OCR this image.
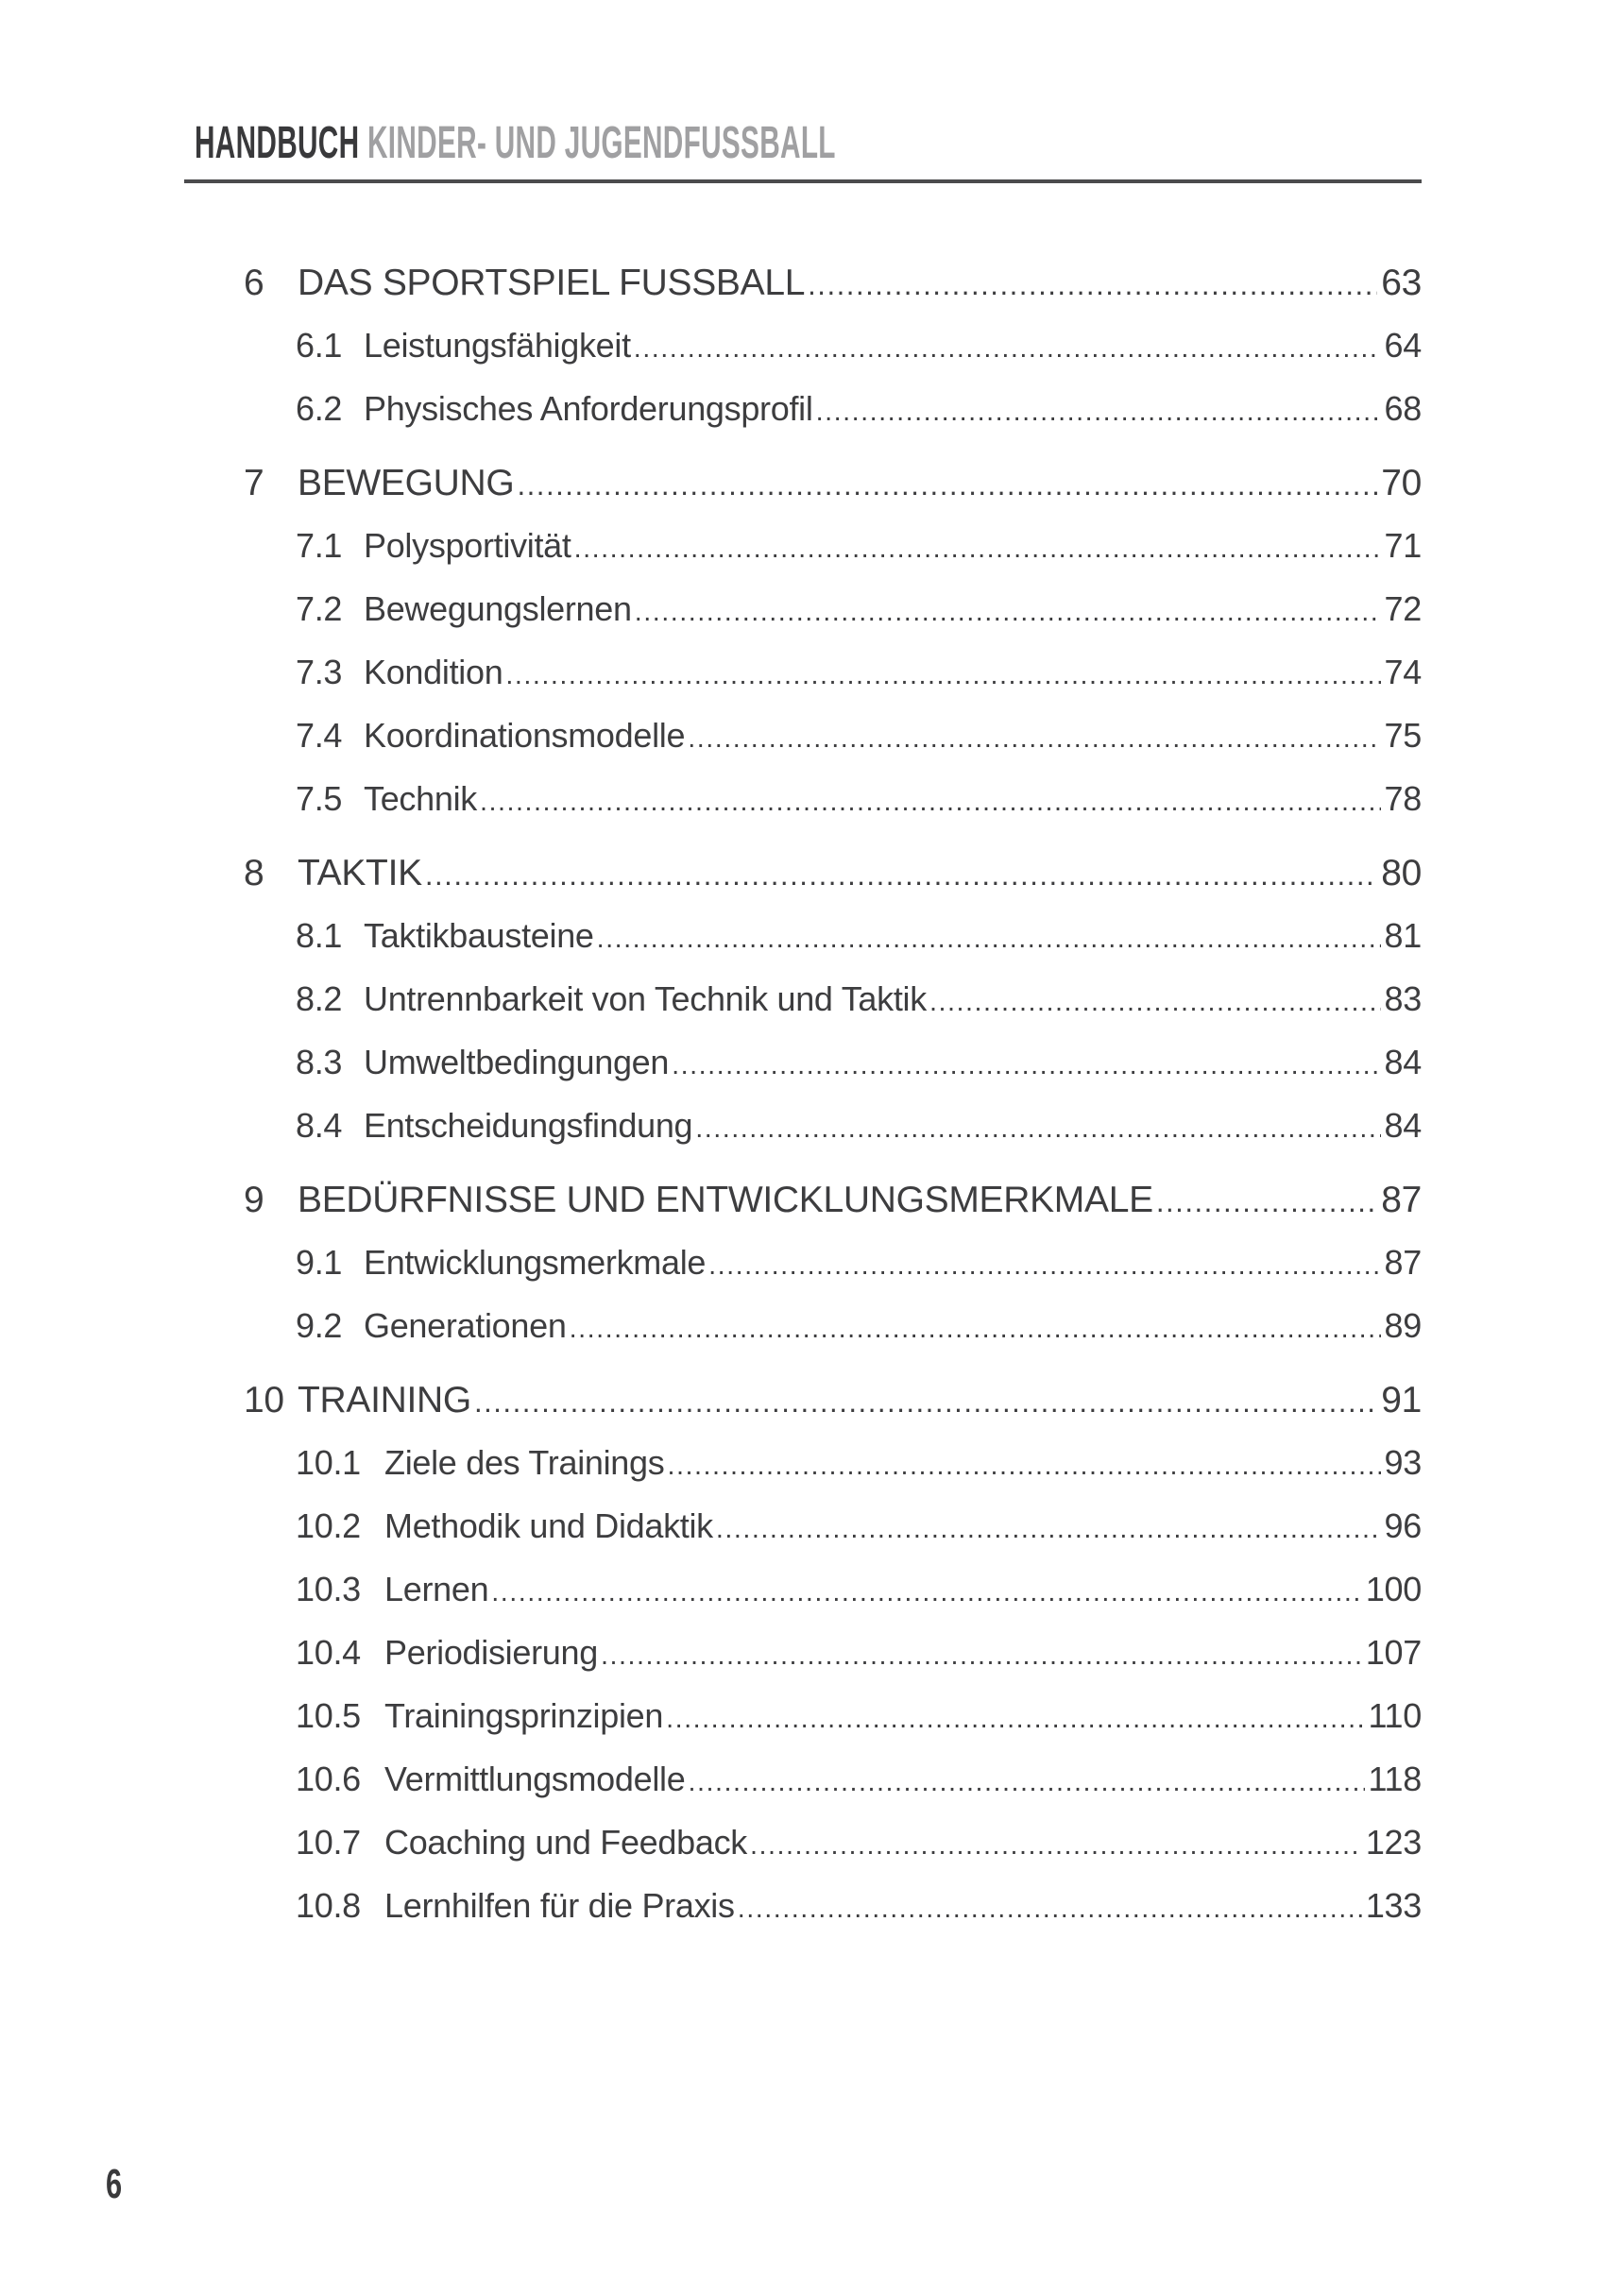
HANDBUCH KINDER- UND JUGENDFUSSBALL
6 DAS SPORTSPIEL FUSSBALL .....	63
6.1 Leistungsfähigkeit .....	64
6.2 Physisches Anforderungsprofil .....	68
7 BEWEGUNG .....	70
7.1 Polysportivität .....	71
7.2 Bewegungslernen .....	72
7.3 Kondition .....	74
7.4 Koordinationsmodelle .....	75
7.5 Technik .....	78
8 TAKTIK .....	80
8.1 Taktikbausteine .....	81
8.2 Untrennbarkeit von Technik und Taktik .....	83
8.3 Umweltbedingungen .....	84
8.4 Entscheidungsfindung .....	84
9 BEDÜRFNISSE UND ENTWICKLUNGSMERKMALE .....	87
9.1 Entwicklungsmerkmale .....	87
9.2 Generationen .....	89
10 TRAINING .....	91
10.1 Ziele des Trainings .....	93
10.2 Methodik und Didaktik .....	96
10.3 Lernen .....	100
10.4 Periodisierung .....	107
10.5 Trainingsprinzipien .....	110
10.6 Vermittlungsmodelle .....	118
10.7 Coaching und Feedback .....	123
10.8 Lernhilfen für die Praxis .....	133
6
